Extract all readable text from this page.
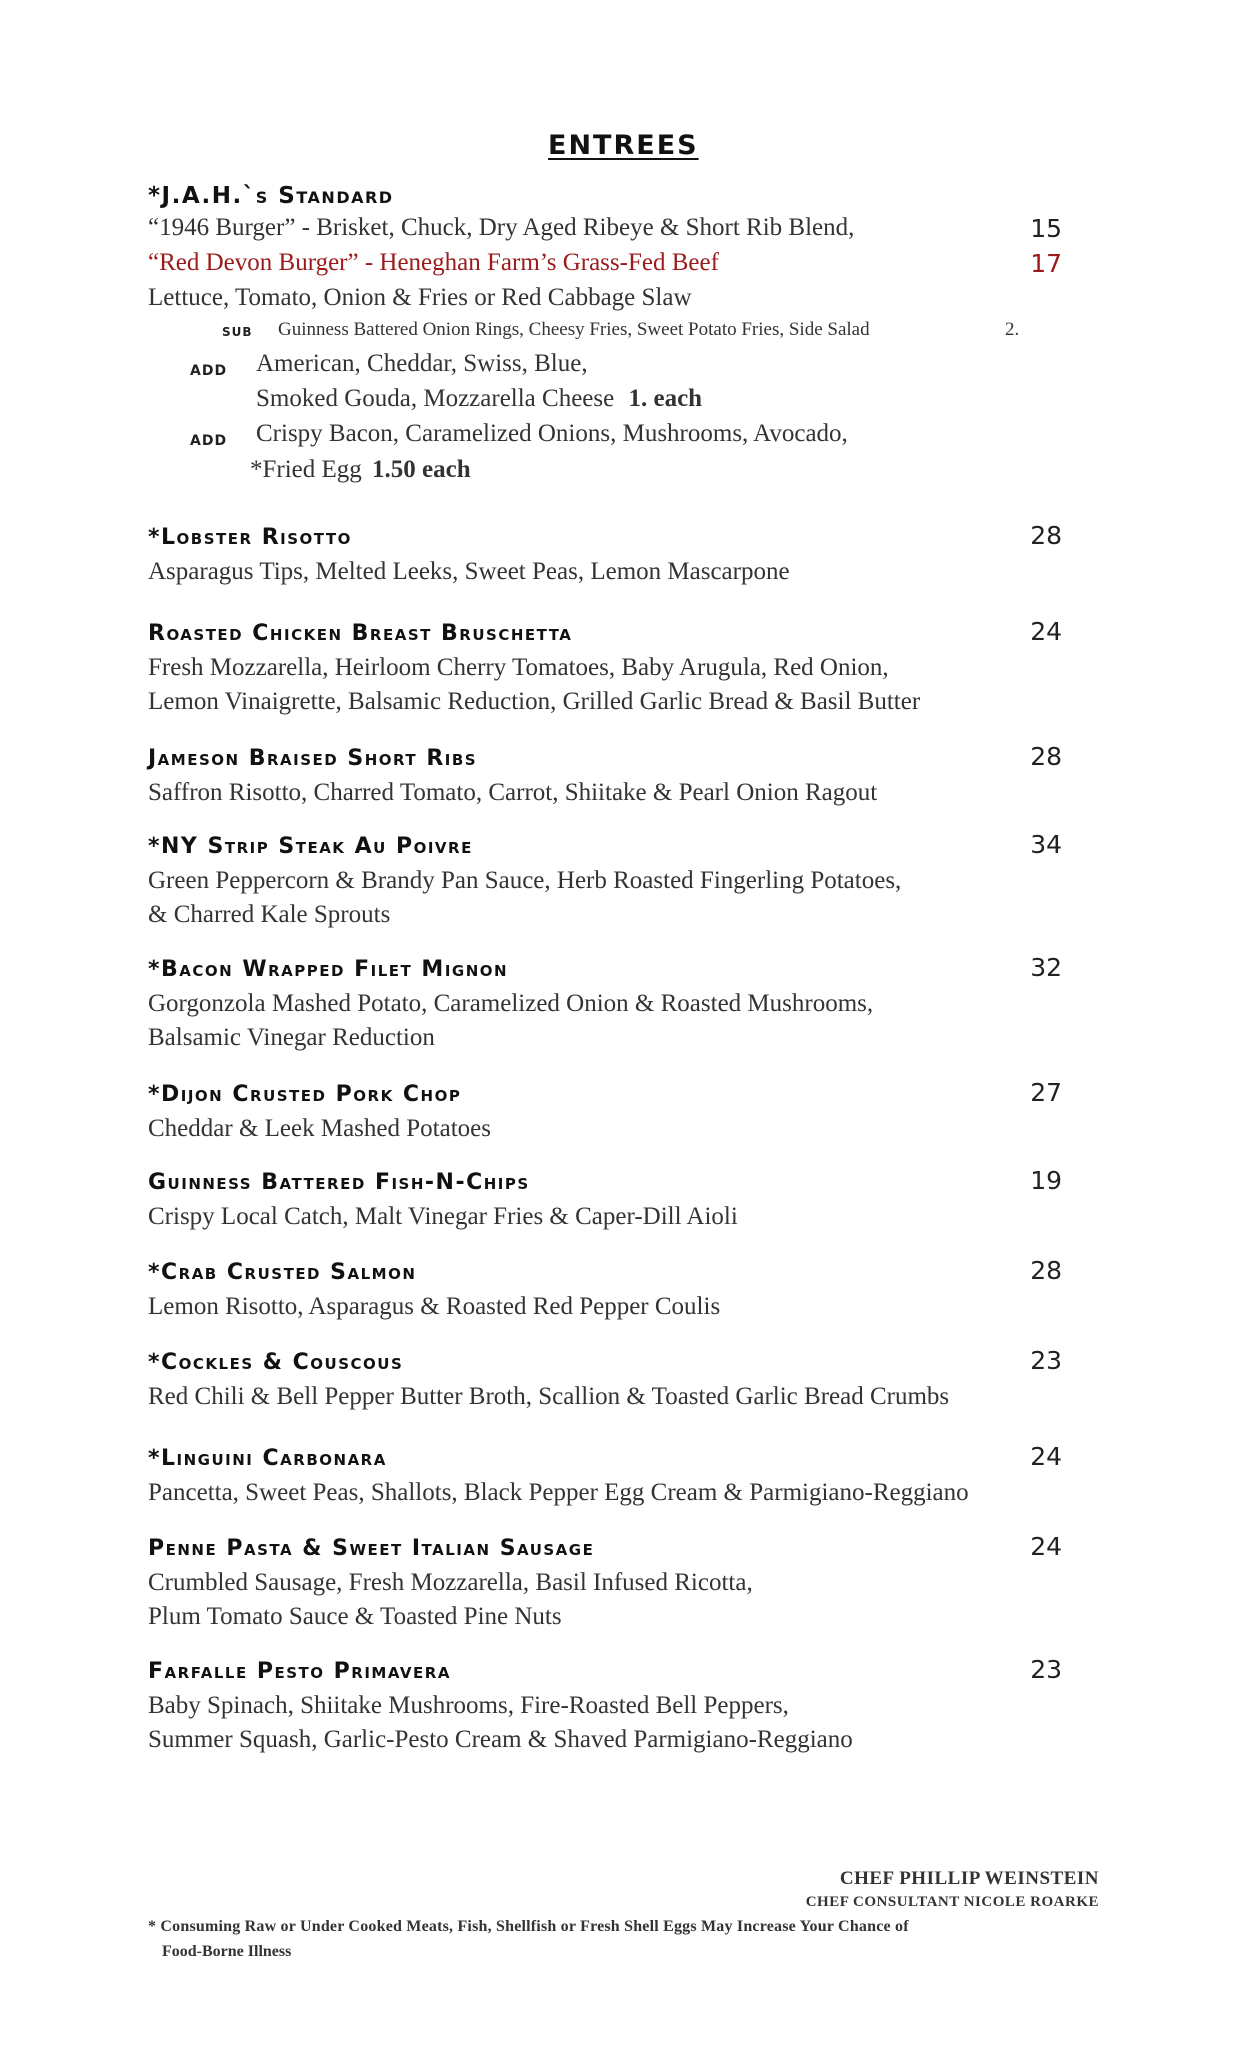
ENTREES
*J.A.H.`s Standard
“1946 Burger” - Brisket, Chuck, Dry Aged Ribeye & Short Rib Blend,	15
“Red Devon Burger” - Heneghan Farm’s Grass-Fed Beef	17
Lettuce, Tomato, Onion & Fries or Red Cabbage Slaw
sub Guinness Battered Onion Rings, Cheesy Fries, Sweet Potato Fries, Side Salad	2.
add American, Cheddar, Swiss, Blue,
Smoked Gouda, Mozzarella Cheese 1. each
add Crispy Bacon, Caramelized Onions, Mushrooms, Avocado,
*Fried Egg 1.50 each
*Lobster Risotto	28
Asparagus Tips, Melted Leeks, Sweet Peas, Lemon Mascarpone
Roasted Chicken Breast Bruschetta	24
Fresh Mozzarella, Heirloom Cherry Tomatoes, Baby Arugula, Red Onion,
Lemon Vinaigrette, Balsamic Reduction, Grilled Garlic Bread & Basil Butter
Jameson Braised Short Ribs	28
Saffron Risotto, Charred Tomato, Carrot, Shiitake & Pearl Onion Ragout
*NY Strip Steak Au Poivre	34
Green Peppercorn & Brandy Pan Sauce, Herb Roasted Fingerling Potatoes,
& Charred Kale Sprouts
*Bacon Wrapped Filet Mignon	32
Gorgonzola Mashed Potato, Caramelized Onion & Roasted Mushrooms,
Balsamic Vinegar Reduction
*Dijon Crusted Pork Chop	27
Cheddar & Leek Mashed Potatoes
Guinness Battered Fish-N-Chips	19
Crispy Local Catch, Malt Vinegar Fries & Caper-Dill Aioli
*Crab Crusted Salmon	28
Lemon Risotto, Asparagus & Roasted Red Pepper Coulis
*Cockles & Couscous	23
Red Chili & Bell Pepper Butter Broth, Scallion & Toasted Garlic Bread Crumbs
*Linguini Carbonara	24
Pancetta, Sweet Peas, Shallots, Black Pepper Egg Cream & Parmigiano-Reggiano
Penne Pasta & Sweet Italian Sausage	24
Crumbled Sausage, Fresh Mozzarella, Basil Infused Ricotta,
Plum Tomato Sauce & Toasted Pine Nuts
Farfalle Pesto Primavera	23
Baby Spinach, Shiitake Mushrooms, Fire-Roasted Bell Peppers,
Summer Squash, Garlic-Pesto Cream & Shaved Parmigiano-Reggiano
CHEF PHILLIP WEINSTEIN
CHEF CONSULTANT NICOLE ROARKE
* Consuming Raw or Under Cooked Meats, Fish, Shellfish or Fresh Shell Eggs May Increase Your Chance of
Food-Borne Illness
